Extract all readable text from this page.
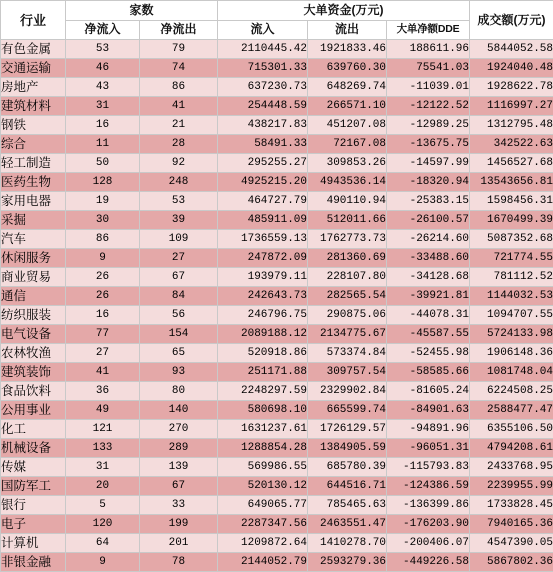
行业	家数		大单资金(万元)			成交额(万元)
	净流入	净流出	流入	流出	大单净额DDE	
有色金属	53	79	2110445.42	1921833.46	188611.96	5844052.58
交通运输	46	74	715301.33	639760.30	75541.03	1924040.48
房地产	43	86	637230.73	648269.74	-11039.01	1928622.78
建筑材料	31	41	254448.59	266571.10	-12122.52	1116997.27
钢铁	16	21	438217.83	451207.08	-12989.25	1312795.48
综合	11	28	58491.33	72167.08	-13675.75	342522.63
轻工制造	50	92	295255.27	309853.26	-14597.99	1456527.68
医药生物	128	248	4925215.20	4943536.14	-18320.94	13543656.81
家用电器	19	53	464727.79	490110.94	-25383.15	1598456.31
采掘	30	39	485911.09	512011.66	-26100.57	1670499.39
汽车	86	109	1736559.13	1762773.73	-26214.60	5087352.68
休闲服务	9	27	247872.09	281360.69	-33488.60	721774.55
商业贸易	26	67	193979.11	228107.80	-34128.68	781112.52
通信	26	84	242643.73	282565.54	-39921.81	1144032.53
纺织服装	16	56	246796.75	290875.06	-44078.31	1094707.55
电气设备	77	154	2089188.12	2134775.67	-45587.55	5724133.98
农林牧渔	27	65	520918.86	573374.84	-52455.98	1906148.36
建筑装饰	41	93	251171.88	309757.54	-58585.66	1081748.04
食品饮料	36	80	2248297.59	2329902.84	-81605.24	6224508.25
公用事业	49	140	580698.10	665599.74	-84901.63	2588477.47
化工	121	270	1631237.61	1726129.57	-94891.96	6355106.50
机械设备	133	289	1288854.28	1384905.59	-96051.31	4794208.61
传媒	31	139	569986.55	685780.39	-115793.83	2433768.95
国防军工	20	67	520130.12	644516.71	-124386.59	2239955.99
银行	5	33	649065.77	785465.63	-136399.86	1733828.45
电子	120	199	2287347.56	2463551.47	-176203.90	7940165.36
计算机	64	201	1209872.64	1410278.70	-200406.07	4547390.05
非银金融	9	78	2144052.79	2593279.36	-449226.58	5867802.36
